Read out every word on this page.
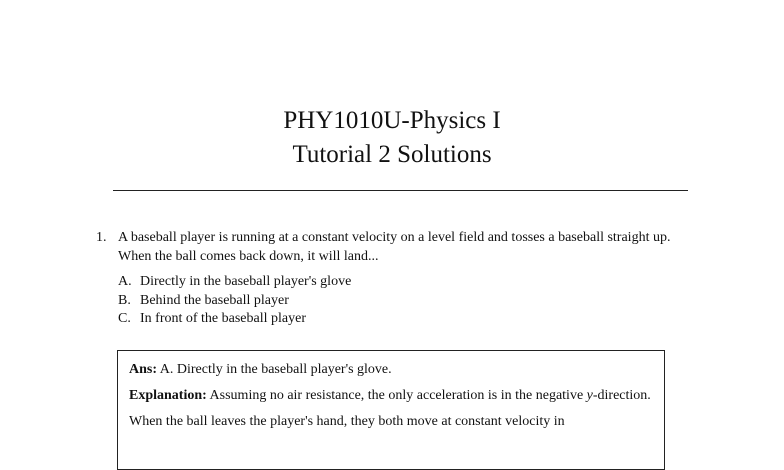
PHY1010U-Physics I
Tutorial 2 Solutions
1. A baseball player is running at a constant velocity on a level field and tosses a baseball straight up. When the ball comes back down, it will land...
A. Directly in the baseball player's glove
B. Behind the baseball player
C. In front of the baseball player
Ans: A. Directly in the baseball player's glove.
Explanation: Assuming no air resistance, the only acceleration is in the negative y-direction.
When the ball leaves the player's hand, they both move at constant velocity in
